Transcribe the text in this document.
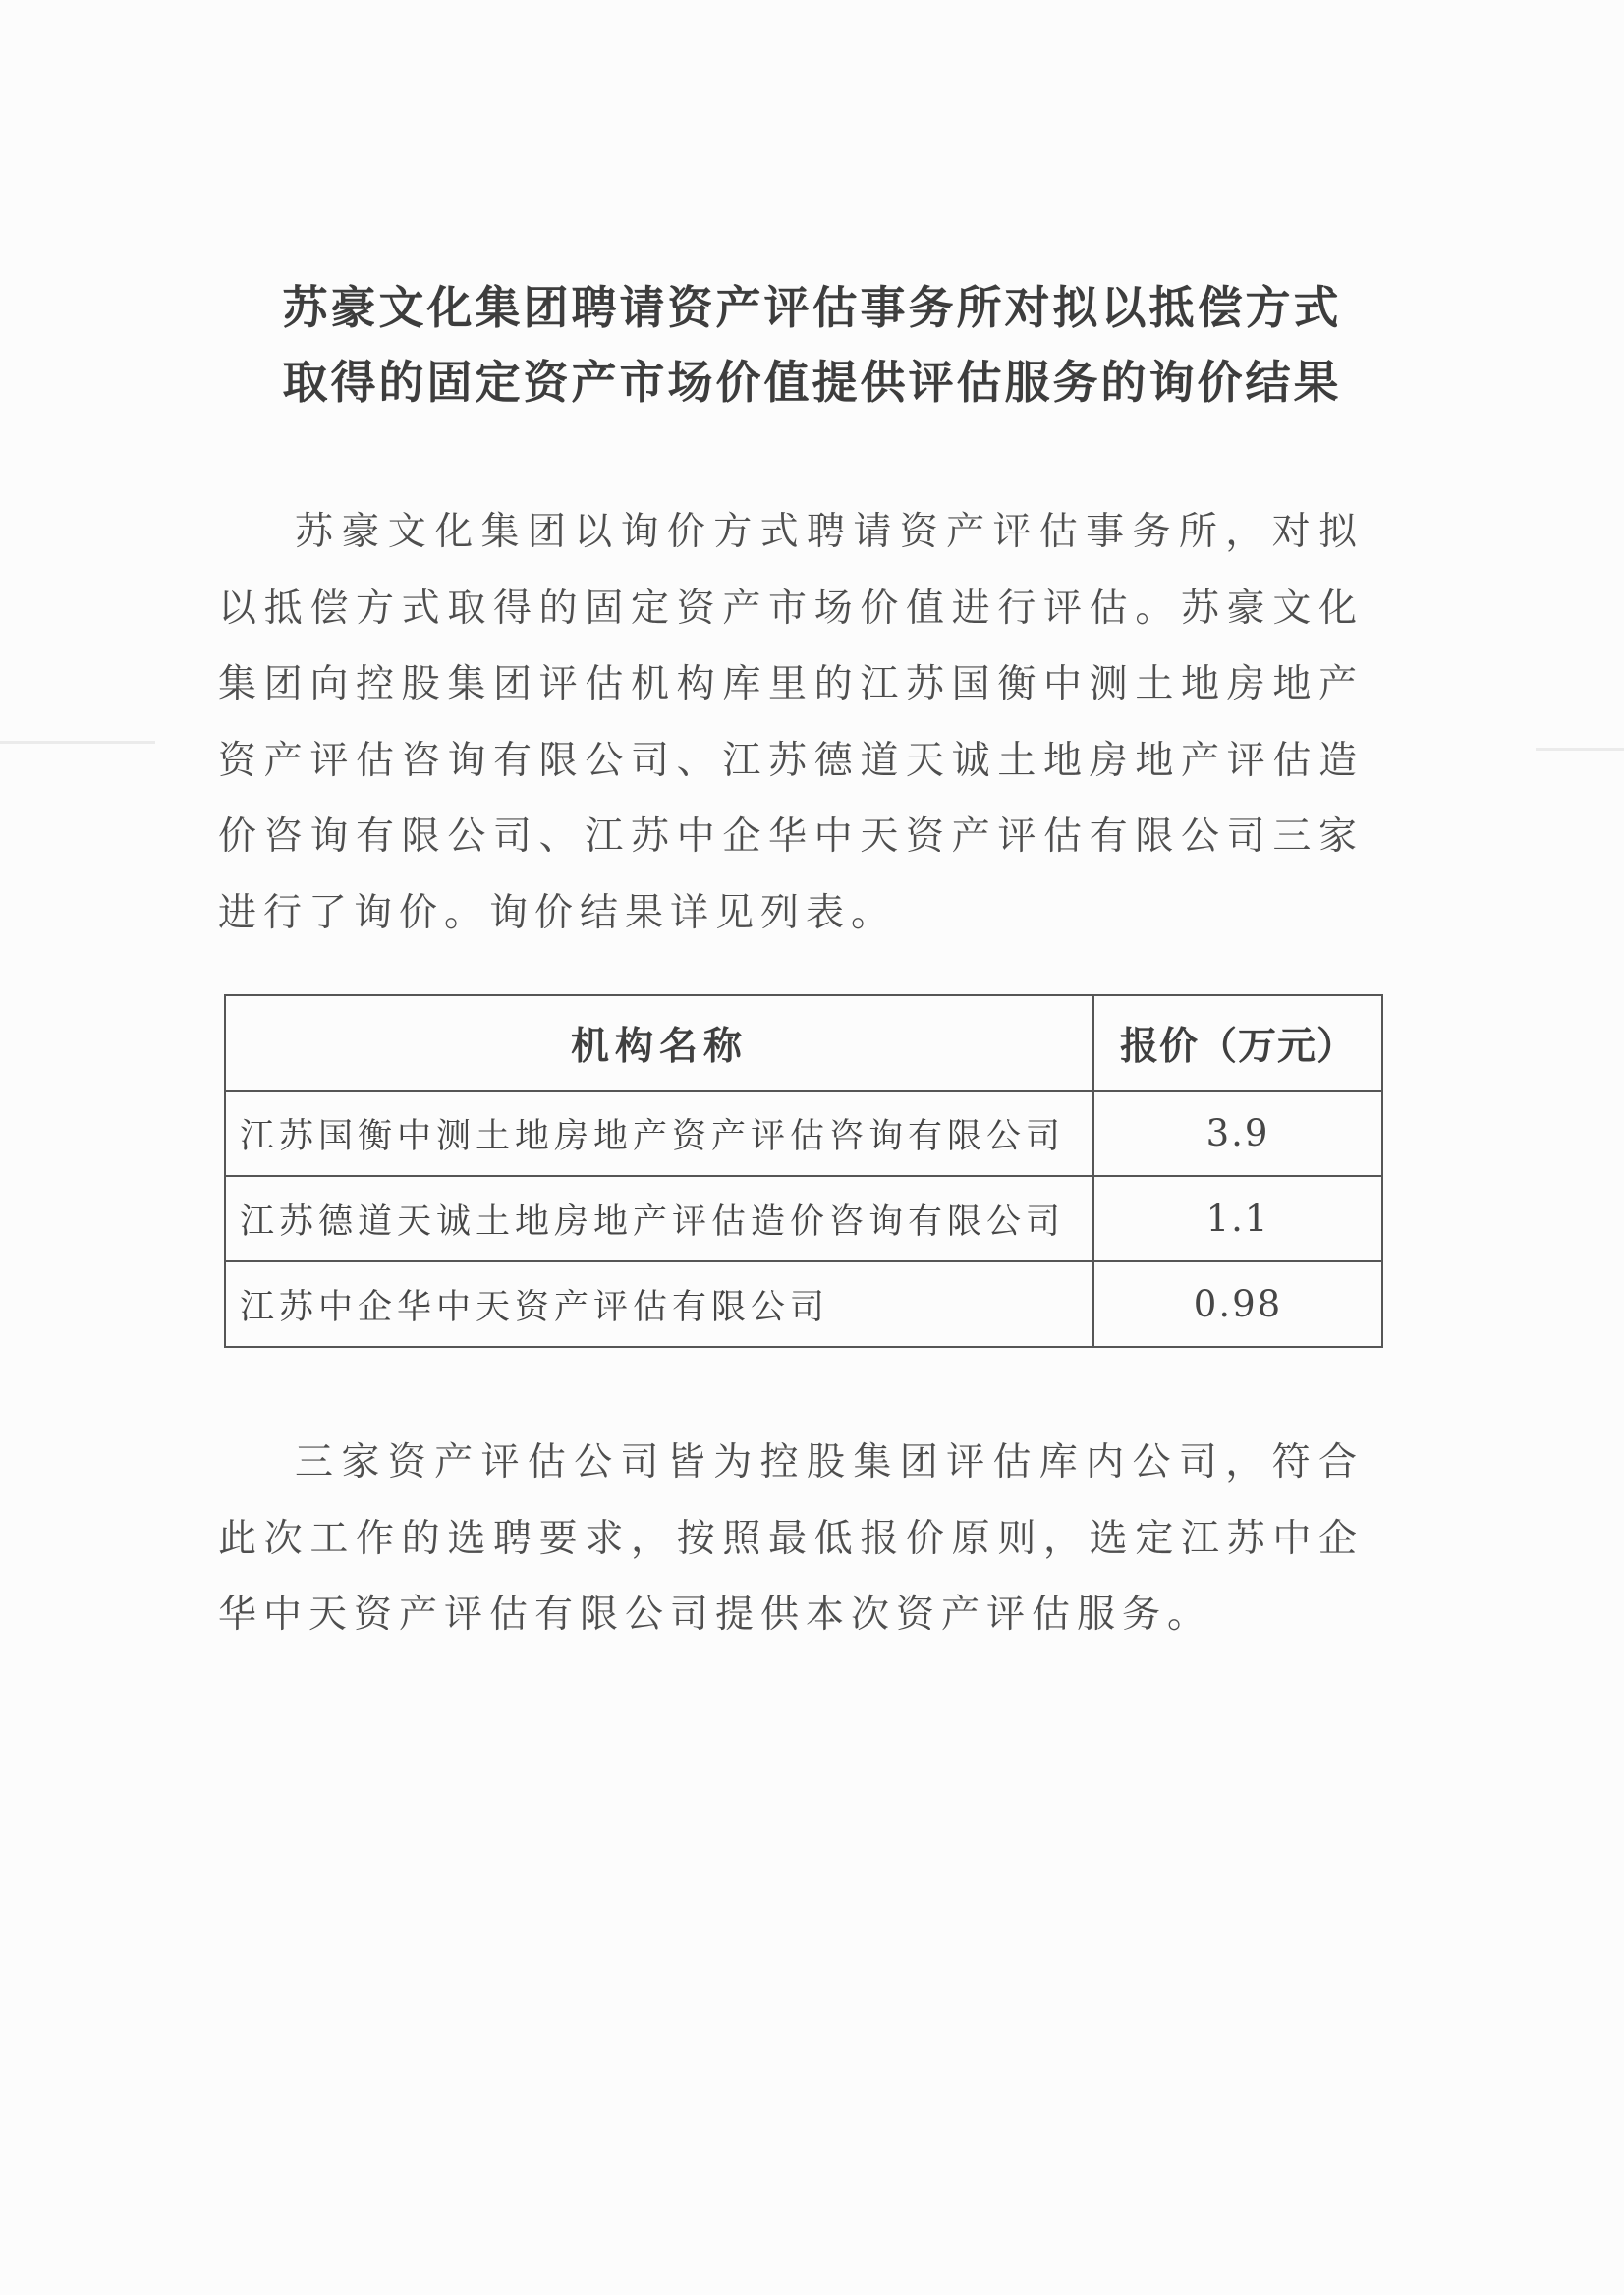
苏豪文化集团聘请资产评估事务所对拟以抵偿方式
取得的固定资产市场价值提供评估服务的询价结果

苏豪文化集团以询价方式聘请资产评估事务所，对拟以抵偿方式取得的固定资产市场价值进行评估。苏豪文化集团向控股集团评估机构库里的江苏国衡中测土地房地产资产评估咨询有限公司、江苏德道天诚土地房地产评估造价咨询有限公司、江苏中企华中天资产评估有限公司三家进行了询价。询价结果详见列表。

机构名称	报价（万元）
江苏国衡中测土地房地产资产评估咨询有限公司	3.9
江苏德道天诚土地房地产评估造价咨询有限公司	1.1
江苏中企华中天资产评估有限公司	0.98

三家资产评估公司皆为控股集团评估库内公司，符合此次工作的选聘要求，按照最低报价原则，选定江苏中企华中天资产评估有限公司提供本次资产评估服务。
